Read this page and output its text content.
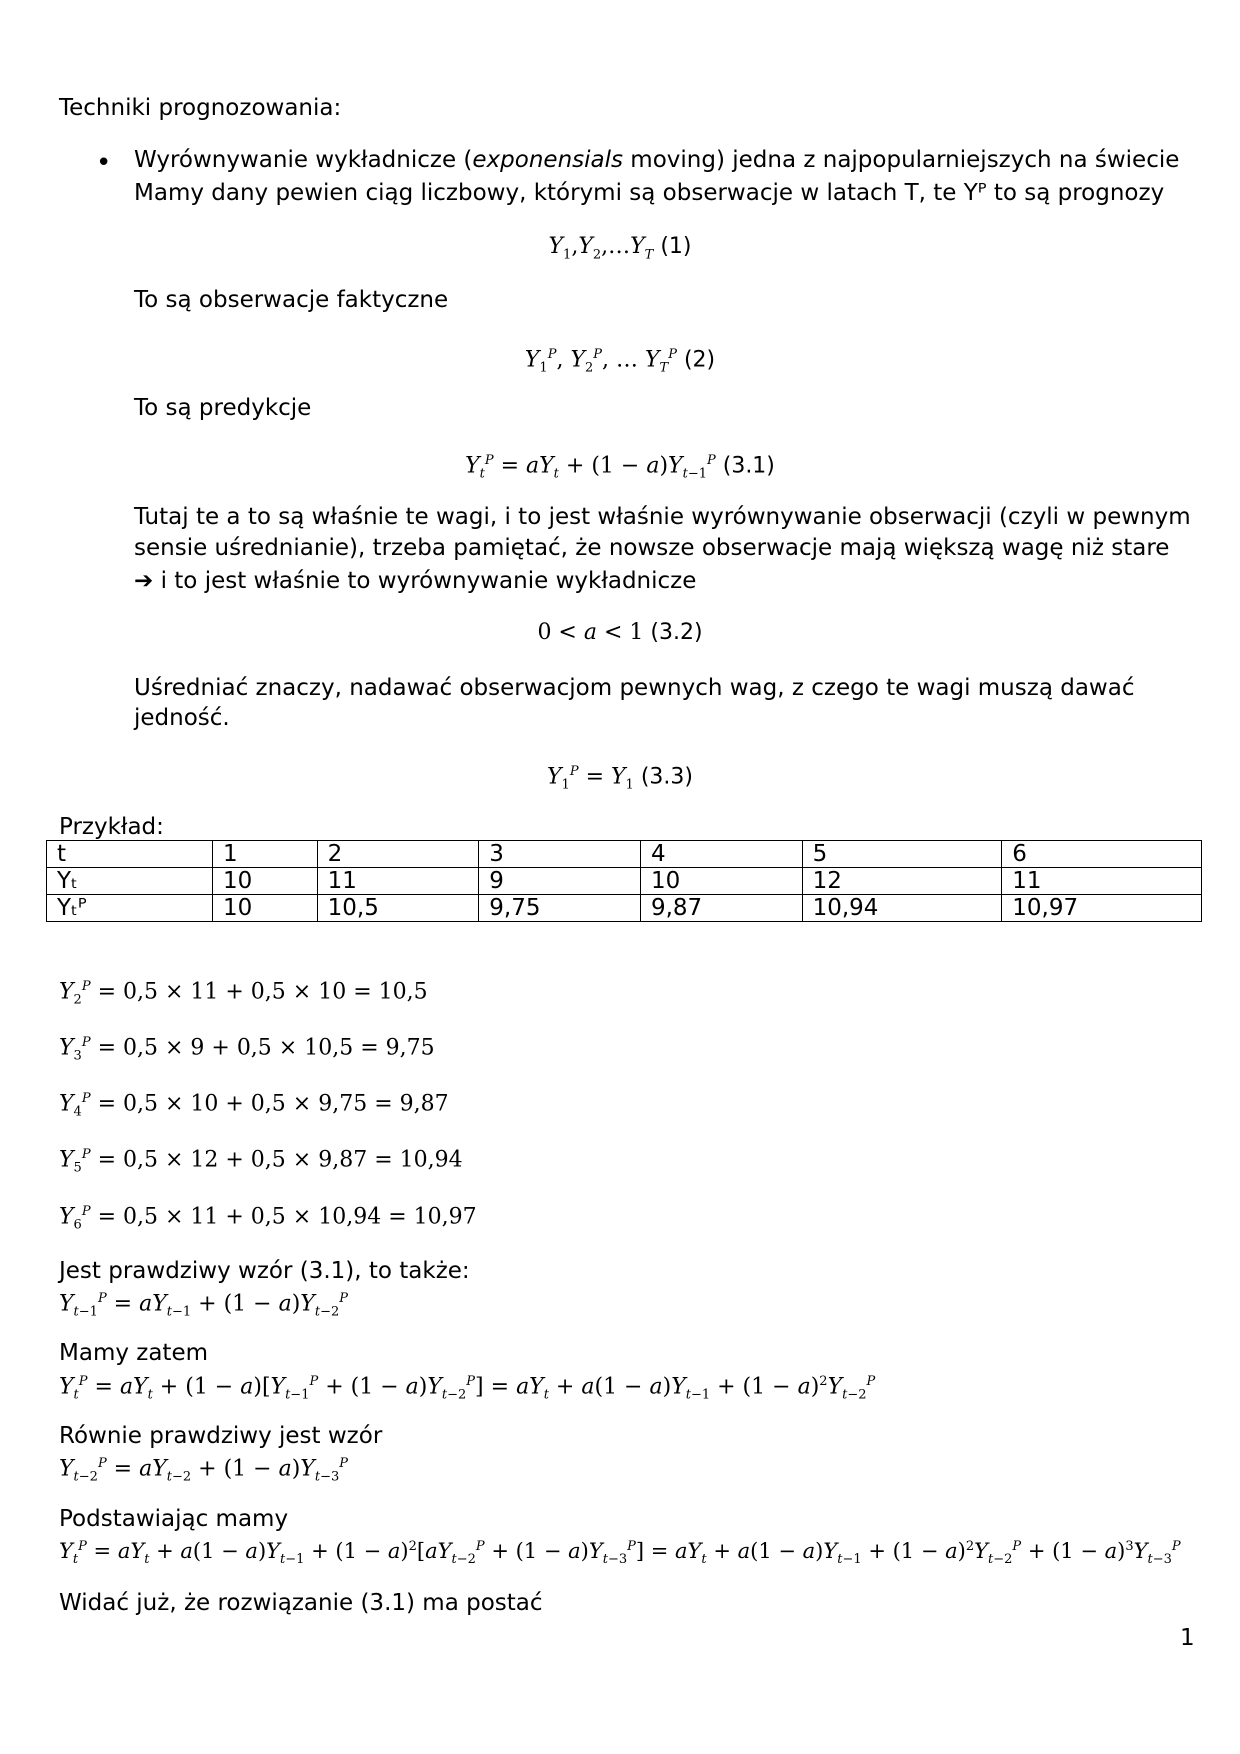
Techniki prognozowania:

• Wyrównywanie wykładnicze (exponensials moving) jedna z najpopularniejszych na świecie

Mamy dany pewien ciąg liczbowy, którymi są obserwacje w latach T, te Yᴾ to są prognozy

$Y_1,Y_2,\dots Y_T$ (1)

To są obserwacje faktyczne

$Y_1^P$, $Y_2^P$, … $Y_T^P$ (2)

To są predykcje

$Y_t^P = aY_t + (1 - a)Y_{t-1}^P$ (3.1)

Tutaj te a to są właśnie te wagi, i to jest właśnie wyrównywanie obserwacji (czyli w pewnym

sensie uśrednianie), trzeba pamiętać, że nowsze obserwacje mają większą wagę niż stare

➔ i to jest właśnie to wyrównywanie wykładnicze

0 < a < 1 (3.2)

Uśredniać znaczy, nadawać obserwacjom pewnych wag, z czego te wagi muszą dawać

jedność.

$Y_1^P = Y_1$ (3.3)

Przykład:

t	1	2	3	4	5	6
Yₜ	10	11	9	10	12	11
Yₜᴾ	10	10,5	9,75	9,87	10,94	10,97
$Y_2^P = 0,5 \times 11 + 0,5 \times 10 = 10,5$
$Y_3^P = 0,5 \times 9 + 0,5 \times 10,5 = 9,75$
$Y_4^P = 0,5 \times 10 + 0,5 \times 9,75 = 9,87$
$Y_5^P = 0,5 \times 12 + 0,5 \times 9,87 = 10,94$
$Y_6^P = 0,5 \times 11 + 0,5 \times 10,94 = 10,97$

Jest prawdziwy wzór (3.1), to także:

$Y_{t-1}^P = aY_{t-1} + (1 - a)Y_{t-2}^P$

Mamy zatem

$Y_t^P = aY_t + (1 - a)[Y_{t-1}^P + (1 - a)Y_{t-2}^P] = aY_t + a(1 - a)Y_{t-1} + (1 - a)^2Y_{t-2}^P$

Równie prawdziwy jest wzór

$Y_{t-2}^P = aY_{t-2} + (1 - a)Y_{t-3}^P$

Podstawiając mamy

$Y_t^P = aY_t + a(1 - a)Y_{t-1} + (1 - a)^2[aY_{t-2}^P + (1 - a)Y_{t-3}^P] = aY_t + a(1 - a)Y_{t-1} + (1 - a)^2Y_{t-2}^P + (1 - a)^3Y_{t-3}^P$

Widać już, że rozwiązanie (3.1) ma postać

1
